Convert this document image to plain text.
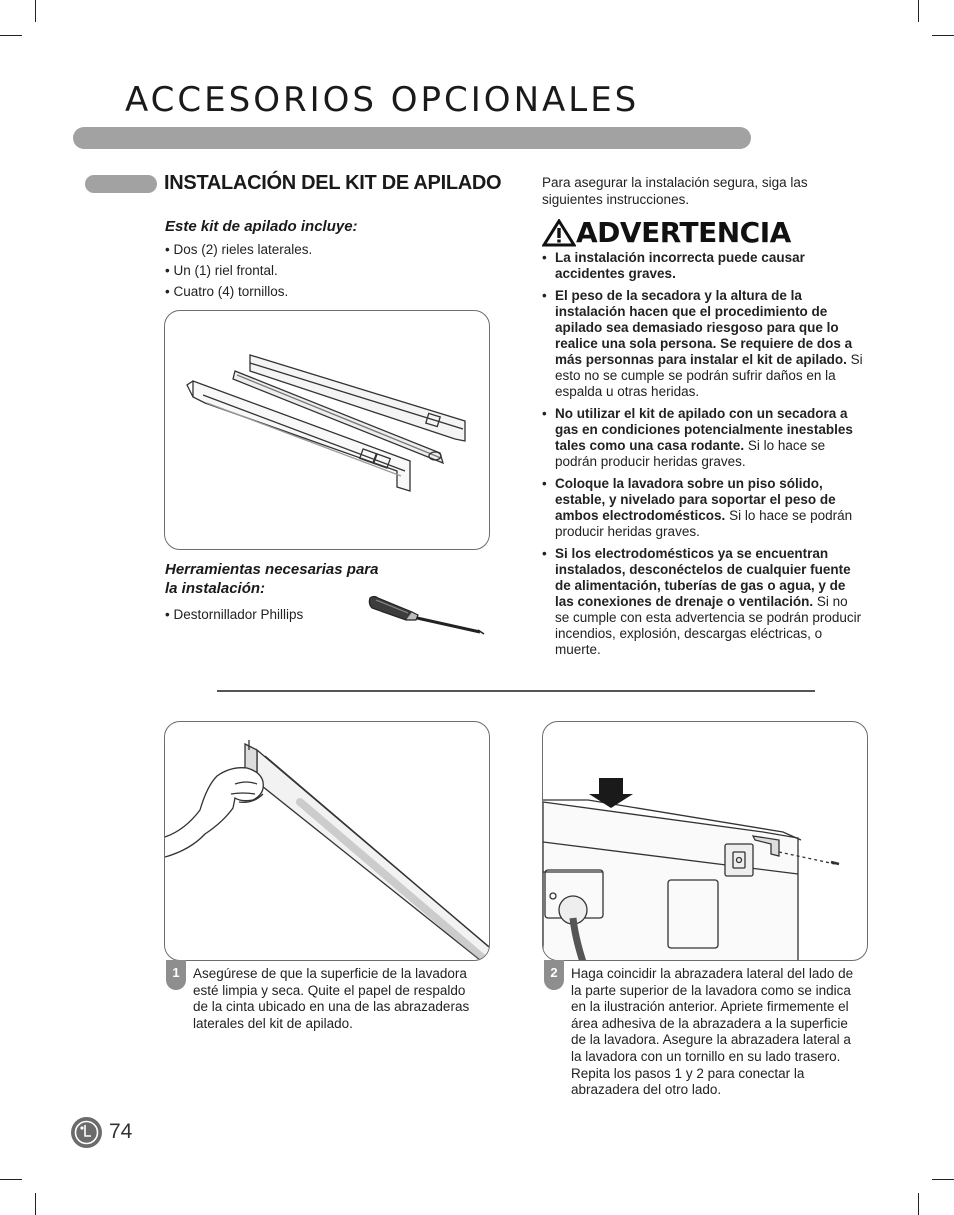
ACCESORIOS OPCIONALES
INSTALACIÓN DEL KIT DE APILADO
Este kit de apilado incluye:
• Dos (2) rieles laterales.
• Un (1) riel frontal.
• Cuatro (4) tornillos.
Herramientas necesarias para
la instalación:
• Destornillador Phillips
Para asegurar la instalación segura, siga las siguientes instrucciones.
ADVERTENCIA
• La instalación incorrecta puede causar accidentes graves.
• El peso de la secadora y la altura de la instalación hacen que el procedimiento de apilado sea demasiado riesgoso para que lo realice una sola persona. Se requiere de dos a más personnas para instalar el kit de apilado. Si esto no se cumple se podrán sufrir daños en la espalda u otras heridas.
• No utilizar el kit de apilado con un secadora a gas en condiciones potencialmente inestables tales como una casa rodante. Si lo hace se podrán producir heridas graves.
• Coloque la lavadora sobre un piso sólido, estable, y nivelado para soportar el peso de ambos electrodomésticos. Si lo hace se podrán producir heridas graves.
• Si los electrodomésticos ya se encuentran instalados, desconéctelos de cualquier fuente de alimentación, tuberías de gas o agua, y de las conexiones de drenaje o ventilación. Si no se cumple con esta advertencia se podrán producir incendios, explosión, descargas eléctricas, o muerte.
1 Asegúrese de que la superficie de la lavadora esté limpia y seca. Quite el papel de respaldo de la cinta ubicado en una de las abrazaderas laterales del kit de apilado.
2 Haga coincidir la abrazadera lateral del lado de la parte superior de la lavadora como se indica en la ilustración anterior. Apriete firmemente el área adhesiva de la abrazadera a la superficie de la lavadora. Asegure la abrazadera lateral a la lavadora con un tornillo en su lado trasero. Repita los pasos 1 y 2 para conectar la abrazadera del otro lado.
74
